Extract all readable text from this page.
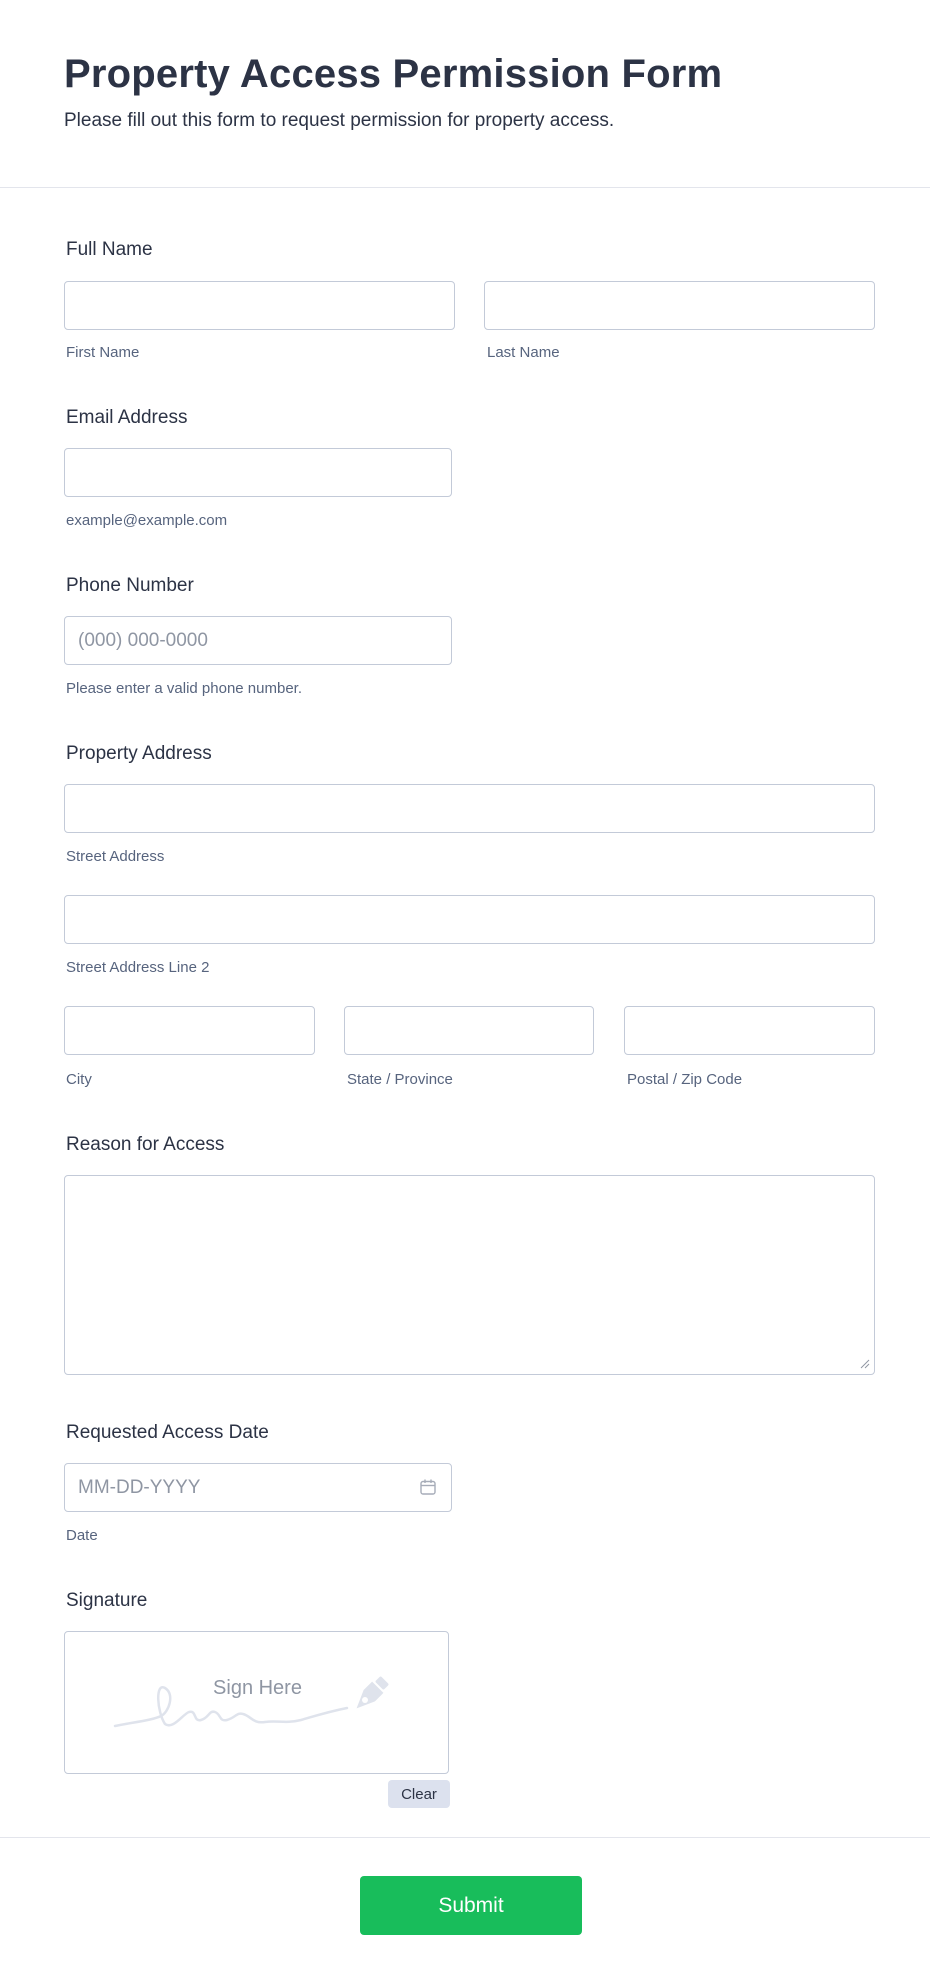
Property Access Permission Form
Please fill out this form to request permission for property access.
Full Name
First Name	Last Name
Email Address
example@example.com
Phone Number
(000) 000-0000
Please enter a valid phone number.
Property Address
Street Address
Street Address Line 2
City	State / Province	Postal / Zip Code
Reason for Access
Requested Access Date
MM-DD-YYYY
Date
Signature
Sign Here
Clear
Submit
